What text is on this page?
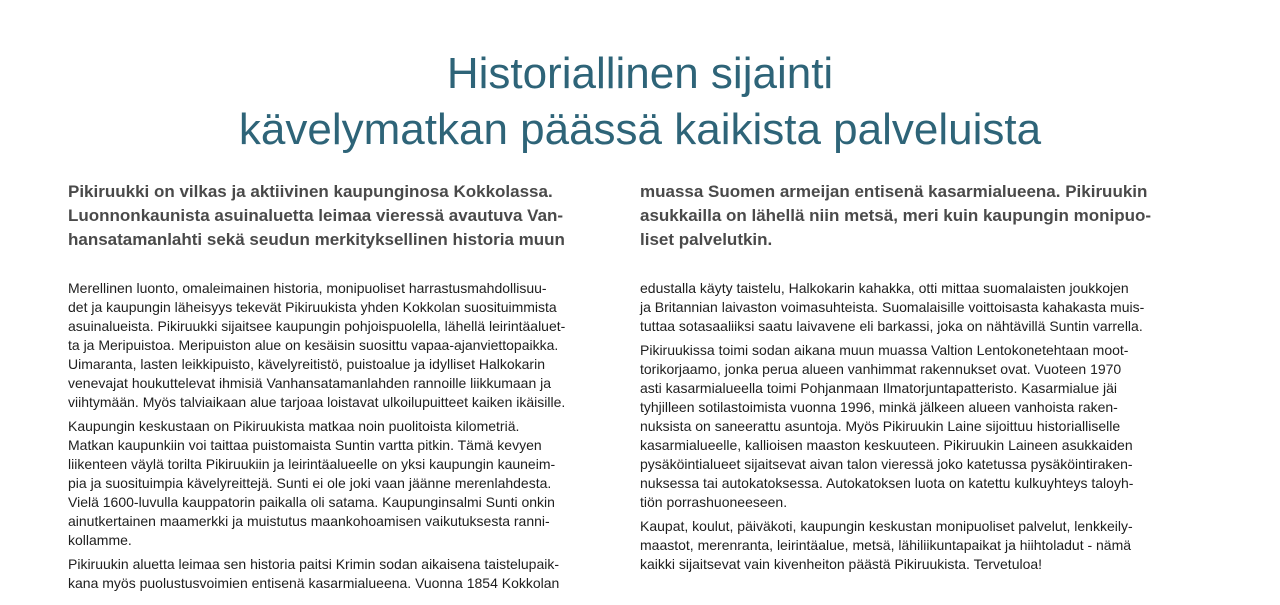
Historiallinen sijainti
kävelymatkan päässä kaikista palveluista

Pikiruukki on vilkas ja aktiivinen kaupunginosa Kokkolassa.
Luonnonkaunista asuinaluetta leimaa vieressä avautuva Van-
hansatamanlahti sekä seudun merkityksellinen historia muun

Merellinen luonto, omaleimainen historia, monipuoliset harrastusmahdollisuu-
det ja kaupungin läheisyys tekevät Pikiruukista yhden Kokkolan suosituimmista
asuinalueista. Pikiruukki sijaitsee kaupungin pohjoispuolella, lähellä leirintäaluet-
ta ja Meripuistoa. Meripuiston alue on kesäisin suosittu vapaa-ajanviettopaikka.
Uimaranta, lasten leikkipuisto, kävelyreitistö, puistoalue ja idylliset Halkokarin
venevajat houkuttelevat ihmisiä Vanhansatamanlahden rannoille liikkumaan ja
viihtymään. Myös talviaikaan alue tarjoaa loistavat ulkoilupuitteet kaiken ikäisille.

Kaupungin keskustaan on Pikiruukista matkaa noin puolitoista kilometriä.
Matkan kaupunkiin voi taittaa puistomaista Suntin vartta pitkin. Tämä kevyen
liikenteen väylä torilta Pikiruukiin ja leirintäalueelle on yksi kaupungin kauneim-
pia ja suosituimpia kävelyreittejä. Sunti ei ole joki vaan jäänne merenlahdesta.
Vielä 1600-luvulla kauppatorin paikalla oli satama. Kaupunginsalmi Sunti onkin
ainutkertainen maamerkki ja muistutus maankohoamisen vaikutuksesta ranni-
kollamme.

Pikiruukin aluetta leimaa sen historia paitsi Krimin sodan aikaisena taistelupaik-
kana myös puolustusvoimien entisenä kasarmialueena. Vuonna 1854 Kokkolan

muassa Suomen armeijan entisenä kasarmialueena. Pikiruukin
asukkailla on lähellä niin metsä, meri kuin kaupungin monipuo-
liset palvelutkin.

edustalla käyty taistelu, Halkokarin kahakka, otti mittaa suomalaisten joukkojen
ja Britannian laivaston voimasuhteista. Suomalaisille voittoisasta kahakasta muis-
tuttaa sotasaaliiksi saatu laivavene eli barkassi, joka on nähtävillä Suntin varrella.

Pikiruukissa toimi sodan aikana muun muassa Valtion Lentokonetehtaan moot-
torikorjaamo, jonka perua alueen vanhimmat rakennukset ovat. Vuoteen 1970
asti kasarmialueella toimi Pohjanmaan Ilmatorjuntapatteristo. Kasarmialue jäi
tyhjilleen sotilastoimista vuonna 1996, minkä jälkeen alueen vanhoista raken-
nuksista on saneerattu asuntoja. Myös Pikiruukin Laine sijoittuu historialliselle
kasarmialueelle, kallioisen maaston keskuuteen. Pikiruukin Laineen asukkaiden
pysäköintialueet sijaitsevat aivan talon vieressä joko katetussa pysäköintiraken-
nuksessa tai autokatoksessa. Autokatoksen luota on katettu kulkuyhteys taloyh-
tiön porrashuoneeseen.

Kaupat, koulut, päiväkoti, kaupungin keskustan monipuoliset palvelut, lenkkeily-
maastot, merenranta, leirintäalue, metsä, lähiliikuntapaikat ja hiihtoladut - nämä
kaikki sijaitsevat vain kivenheiton päästä Pikiruukista. Tervetuloa!
